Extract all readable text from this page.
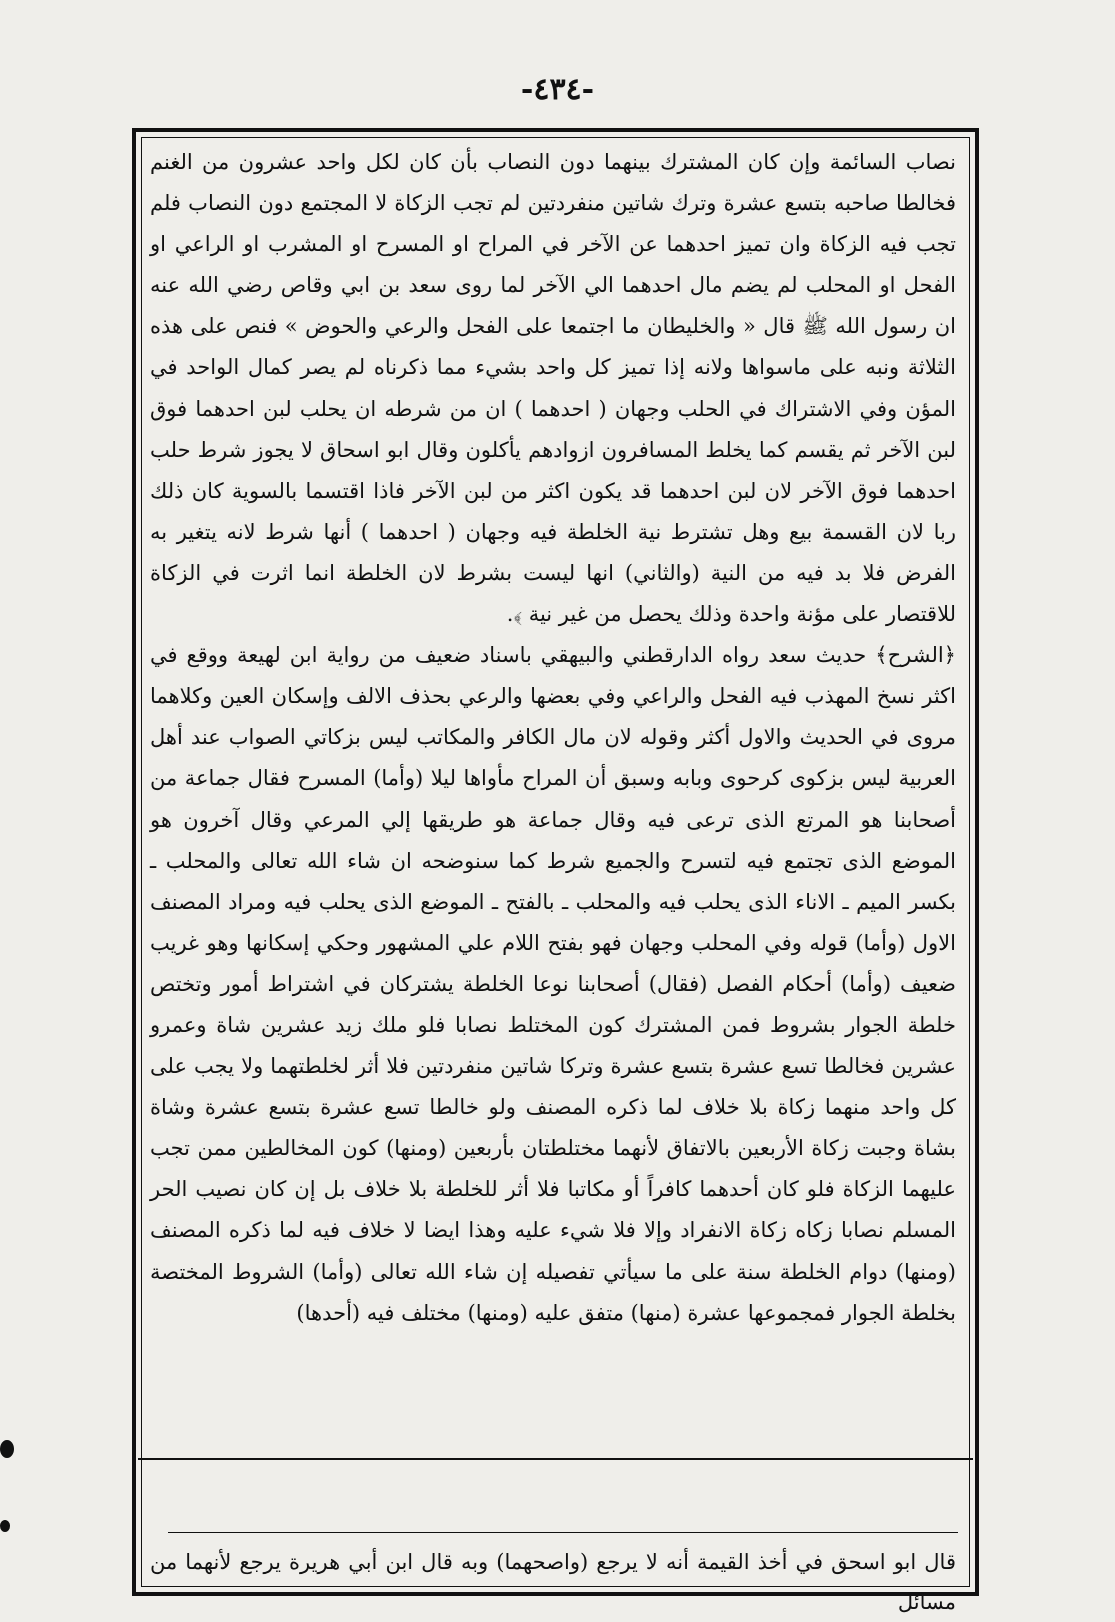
-٤٣٤-

نصاب السائمة وإن كان المشترك بينهما دون النصاب بأن كان لكل واحد عشرون من الغنم فخالطا صاحبه بتسع عشرة وترك شاتين منفردتين لم تجب الزكاة لا المجتمع دون النصاب فلم تجب فيه الزكاة وان تميز احدهما عن الآخر في المراح او المسرح او المشرب او الراعي او الفحل او المحلب لم يضم مال احدهما الي الآخر لما روى سعد بن ابي وقاص رضي الله عنه ان رسول الله ﷺ قال « والخليطان ما اجتمعا على الفحل والرعي والحوض » فنص على هذه الثلاثة ونبه على ماسواها ولانه إذا تميز كل واحد بشيء مما ذكرناه لم يصر كمال الواحد في المؤن وفي الاشتراك في الحلب وجهان ( احدهما ) ان من شرطه ان يحلب لبن احدهما فوق لبن الآخر ثم يقسم كما يخلط المسافرون ازوادهم يأكلون وقال ابو اسحاق لا يجوز شرط حلب احدهما فوق الآخر لان لبن احدهما قد يكون اكثر من لبن الآخر فاذا اقتسما بالسوية كان ذلك ربا لان القسمة بيع وهل تشترط نية الخلطة فيه وجهان ( احدهما ) أنها شرط لانه يتغير به الفرض فلا بد فيه من النية (والثاني) انها ليست بشرط لان الخلطة انما اثرت في الزكاة للاقتصار على مؤنة واحدة وذلك يحصل من غير نية ﴾.

﴿الشرح﴾ حديث سعد رواه الدارقطني والبيهقي باسناد ضعيف من رواية ابن لهيعة ووقع في اكثر نسخ المهذب فيه الفحل والراعي وفي بعضها والرعي بحذف الالف وإسكان العين وكلاهما مروى في الحديث والاول أكثر وقوله لان مال الكافر والمكاتب ليس بزكاتي الصواب عند أهل العربية ليس بزكوى كرحوى وبابه وسبق أن المراح مأواها ليلا (وأما) المسرح فقال جماعة من أصحابنا هو المرتع الذى ترعى فيه وقال جماعة هو طريقها إلي المرعي وقال آخرون هو الموضع الذى تجتمع فيه لتسرح والجميع شرط كما سنوضحه ان شاء الله تعالى والمحلب ـ بكسر الميم ـ الاناء الذى يحلب فيه والمحلب ـ بالفتح ـ الموضع الذى يحلب فيه ومراد المصنف الاول (وأما) قوله وفي المحلب وجهان فهو بفتح اللام علي المشهور وحكي إسكانها وهو غريب ضعيف (وأما) أحكام الفصل (فقال) أصحابنا نوعا الخلطة يشتركان في اشتراط أمور وتختص خلطة الجوار بشروط فمن المشترك كون المختلط نصابا فلو ملك زيد عشرين شاة وعمرو عشرين فخالطا تسع عشرة بتسع عشرة وتركا شاتين منفردتين فلا أثر لخلطتهما ولا يجب على كل واحد منهما زكاة بلا خلاف لما ذكره المصنف ولو خالطا تسع عشرة بتسع عشرة وشاة بشاة وجبت زكاة الأربعين بالاتفاق لأنهما مختلطتان بأربعين (ومنها) كون المخالطين ممن تجب عليهما الزكاة فلو كان أحدهما كافراً أو مكاتبا فلا أثر للخلطة بلا خلاف بل إن كان نصيب الحر المسلم نصابا زكاه زكاة الانفراد وإلا فلا شيء عليه وهذا ايضا لا خلاف فيه لما ذكره المصنف (ومنها) دوام الخلطة سنة على ما سيأتي تفصيله إن شاء الله تعالى (وأما) الشروط المختصة بخلطة الجوار فمجموعها عشرة (منها) متفق عليه (ومنها) مختلف فيه (أحدها)

قال ابو اسحق في أخذ القيمة أنه لا يرجع (واصحهما) وبه قال ابن أبي هريرة يرجع لأنهما من مسائل
